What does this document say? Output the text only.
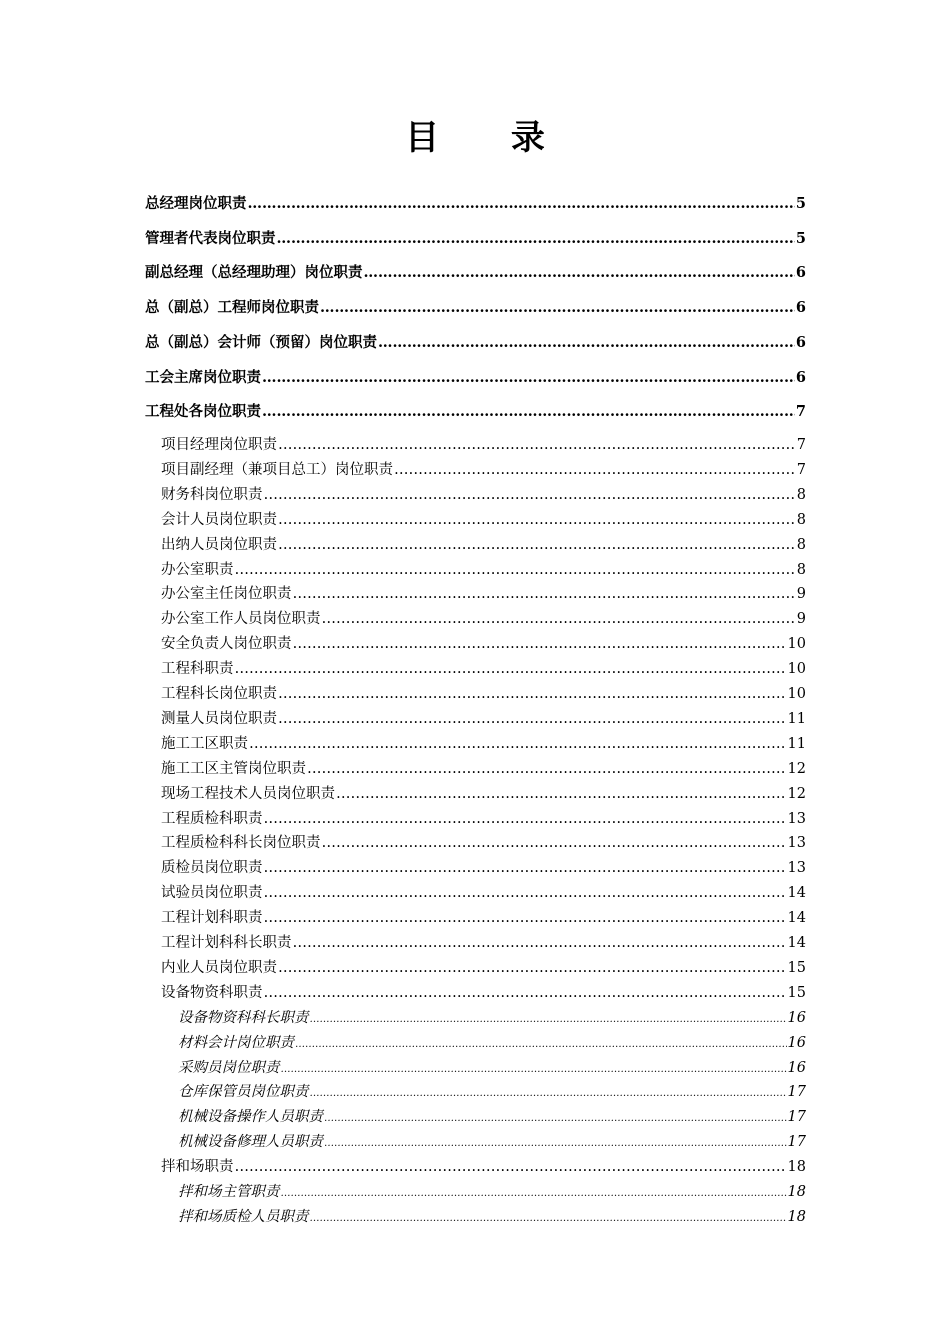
目 录
总经理岗位职责 ……………………………………………………………………………………………………………………………………………………………………………………………………………………………………………………	5
管理者代表岗位职责 ……………………………………………………………………………………………………………………………………………………………………………………………………………………………………………………	5
副总经理（总经理助理）岗位职责 ……………………………………………………………………………………………………………………………………………………………………………………………………………………………………………………	6
总（副总）工程师岗位职责 ……………………………………………………………………………………………………………………………………………………………………………………………………………………………………………………	6
总（副总）会计师（预留）岗位职责 ……………………………………………………………………………………………………………………………………………………………………………………………………………………………………………………	6
工会主席岗位职责 ……………………………………………………………………………………………………………………………………………………………………………………………………………………………………………………	6
工程处各岗位职责 ……………………………………………………………………………………………………………………………………………………………………………………………………………………………………………………	7
项目经理岗位职责 ……………………………………………………………………………………………………………………………………………………………………………………………………………………………………………………	7
项目副经理（兼项目总工）岗位职责 ……………………………………………………………………………………………………………………………………………………………………………………………………………………………………………………	7
财务科岗位职责 ……………………………………………………………………………………………………………………………………………………………………………………………………………………………………………………	8
会计人员岗位职责 ……………………………………………………………………………………………………………………………………………………………………………………………………………………………………………………	8
出纳人员岗位职责 ……………………………………………………………………………………………………………………………………………………………………………………………………………………………………………………	8
办公室职责 ……………………………………………………………………………………………………………………………………………………………………………………………………………………………………………………	8
办公室主任岗位职责 ……………………………………………………………………………………………………………………………………………………………………………………………………………………………………………………	9
办公室工作人员岗位职责 ……………………………………………………………………………………………………………………………………………………………………………………………………………………………………………………	9
安全负责人岗位职责 ……………………………………………………………………………………………………………………………………………………………………………………………………………………………………………………	10
工程科职责 ……………………………………………………………………………………………………………………………………………………………………………………………………………………………………………………	10
工程科长岗位职责 ……………………………………………………………………………………………………………………………………………………………………………………………………………………………………………………	10
测量人员岗位职责 ……………………………………………………………………………………………………………………………………………………………………………………………………………………………………………………	11
施工工区职责 ……………………………………………………………………………………………………………………………………………………………………………………………………………………………………………………	11
施工工区主管岗位职责 ……………………………………………………………………………………………………………………………………………………………………………………………………………………………………………………	12
现场工程技术人员岗位职责 ……………………………………………………………………………………………………………………………………………………………………………………………………………………………………………………	12
工程质检科职责 ……………………………………………………………………………………………………………………………………………………………………………………………………………………………………………………	13
工程质检科科长岗位职责 ……………………………………………………………………………………………………………………………………………………………………………………………………………………………………………………	13
质检员岗位职责 ……………………………………………………………………………………………………………………………………………………………………………………………………………………………………………………	13
试验员岗位职责 ……………………………………………………………………………………………………………………………………………………………………………………………………………………………………………………	14
工程计划科职责 ……………………………………………………………………………………………………………………………………………………………………………………………………………………………………………………	14
工程计划科科长职责 ……………………………………………………………………………………………………………………………………………………………………………………………………………………………………………………	14
内业人员岗位职责 ……………………………………………………………………………………………………………………………………………………………………………………………………………………………………………………	15
设备物资科职责 ……………………………………………………………………………………………………………………………………………………………………………………………………………………………………………………	15
设备物资科科长职责 ……………………………………………………………………………………………………………………………………………………………………………………………………………………………………………………	16
材料会计岗位职责 ……………………………………………………………………………………………………………………………………………………………………………………………………………………………………………………	16
采购员岗位职责 ……………………………………………………………………………………………………………………………………………………………………………………………………………………………………………………	16
仓库保管员岗位职责 ……………………………………………………………………………………………………………………………………………………………………………………………………………………………………………………	17
机械设备操作人员职责 ……………………………………………………………………………………………………………………………………………………………………………………………………………………………………………………	17
机械设备修理人员职责 ……………………………………………………………………………………………………………………………………………………………………………………………………………………………………………………	17
拌和场职责 ……………………………………………………………………………………………………………………………………………………………………………………………………………………………………………………	18
拌和场主管职责 ……………………………………………………………………………………………………………………………………………………………………………………………………………………………………………………	18
拌和场质检人员职责 ……………………………………………………………………………………………………………………………………………………………………………………………………………………………………………………	18
